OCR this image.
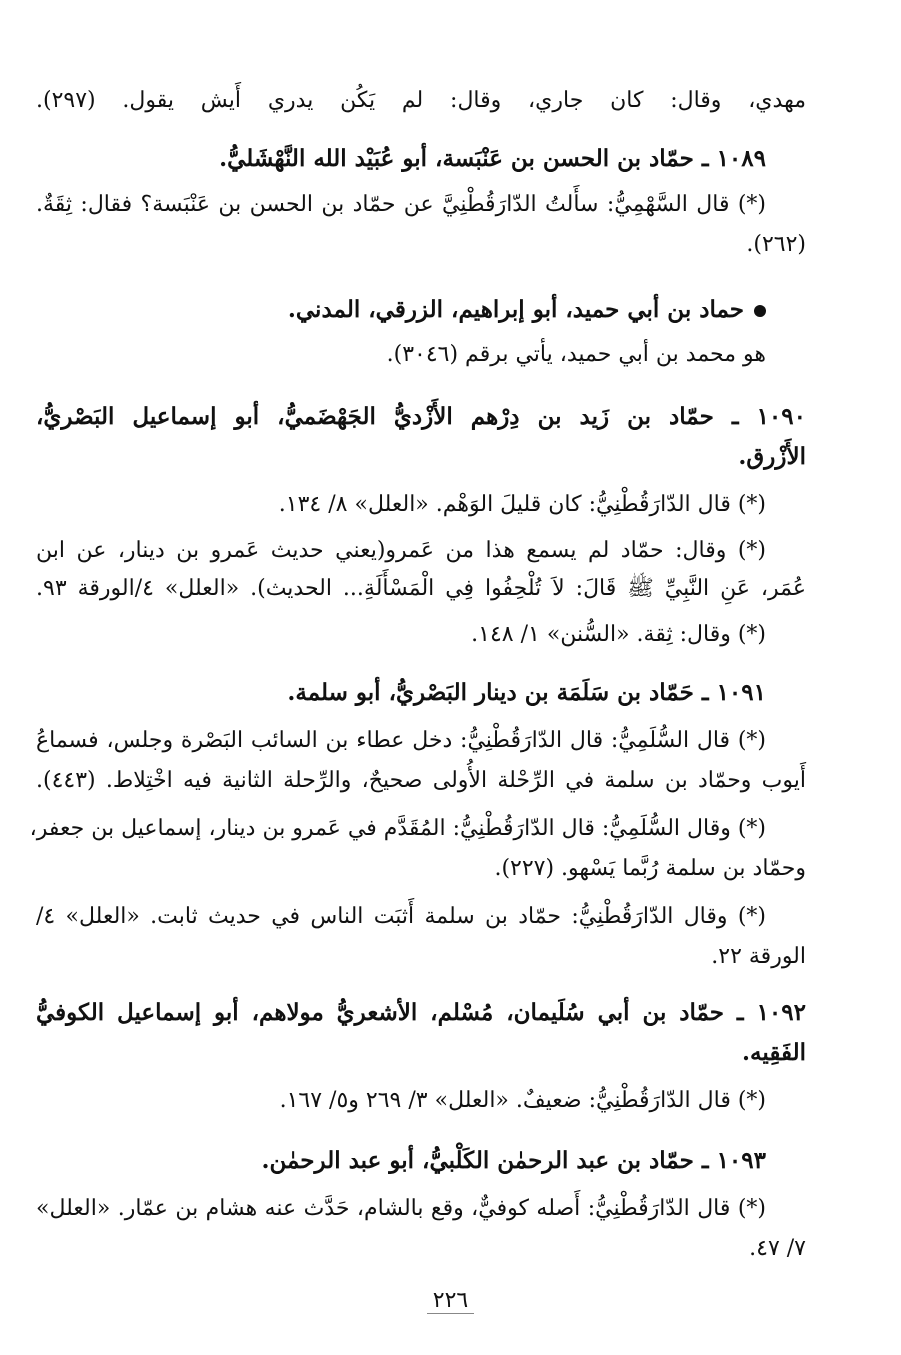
مهدي، وقال: كان جاري، وقال: لم يَكُن يدري أَيش يقول. (٢٩٧).
١٠٨٩ ـ حمّاد بن الحسن بن عَنْبَسة، أبو عُبَيْد الله النَّهْشَليُّ.
(*) قال السَّهْمِيُّ: سأَلتُ الدّارَقُطْنِيَّ عن حمّاد بن الحسن بن عَنْبَسة؟ فقال: ثِقَةٌ.
(٢٦٢).
حماد بن أبي حميد، أبو إبراهيم، الزرقي، المدني.
هو محمد بن أبي حميد، يأتي برقم (٣٠٤٦).
١٠٩٠ ـ حمّاد بن زَيد بن دِرْهم الأَزْديُّ الجَهْضَميُّ، أبو إسماعيل البَصْريُّ،
الأَزْرق.
(*) قال الدّارَقُطْنِيُّ: كان قليلَ الوَهْم. «العلل» ٨/ ١٣٤.
(*) وقال: حمّاد لم يسمع هذا من عَمرو(يعني حديث عَمرو بن دينار، عن ابن
عُمَر، عَنِ النَّبِيِّ ﷺ قَالَ: لاَ تُلْحِفُوا فِي الْمَسْأَلَةِ... الحديث). «العلل» ٤/الورقة ٩٣.
(*) وقال: ثِقة. «السُّنن» ١/ ١٤٨.
١٠٩١ ـ حَمّاد بن سَلَمَة بن دينار البَصْريُّ، أبو سلمة.
(*) قال السُّلَمِيُّ: قال الدّارَقُطْنِيُّ: دخل عطاء بن السائب البَصْرة وجلس، فسماعُ
أَيوب وحمّاد بن سلمة في الرِّحْلة الأُولى صحيحٌ، والرِّحلة الثانية فيه اخْتِلاط. (٤٤٣).
(*) وقال السُّلَمِيُّ: قال الدّارَقُطْنِيُّ: المُقَدَّم في عَمرو بن دينار، إسماعيل بن جعفر،
وحمّاد بن سلمة رُبَّما يَسْهو. (٢٢٧).
(*) وقال الدّارَقُطْنِيُّ: حمّاد بن سلمة أَثبَت الناس في حديث ثابت. «العلل» ٤/
الورقة ٢٢.
١٠٩٢ ـ حمّاد بن أبي سُلَيمان، مُسْلم، الأشعريُّ مولاهم، أبو إسماعيل الكوفيُّ
الفَقِيه.
(*) قال الدّارَقُطْنِيُّ: ضعيفٌ. «العلل» ٣/ ٢٦٩ و٥/ ١٦٧.
١٠٩٣ ـ حمّاد بن عبد الرحمٰن الكَلْبيُّ، أبو عبد الرحمٰن.
(*) قال الدّارَقُطْنِيُّ: أَصله كوفيٌّ، وقع بالشام، حَدَّث عنه هشام بن عمّار. «العلل»
٧/ ٤٧.
٢٢٦
